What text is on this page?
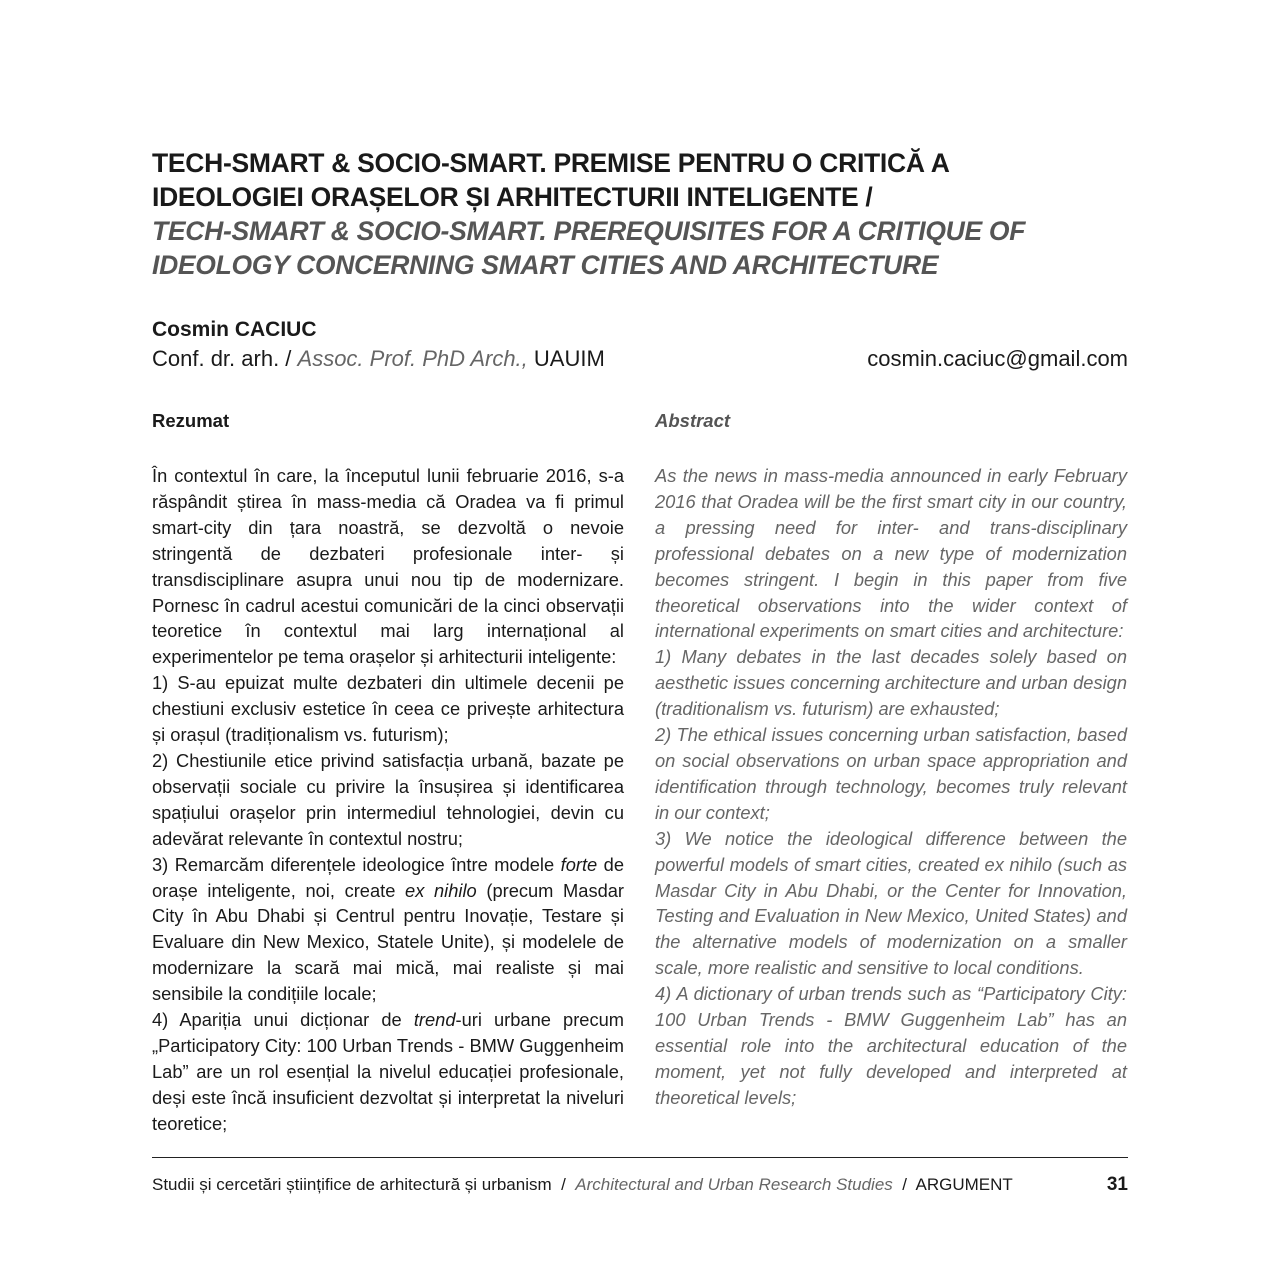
TECH-SMART & SOCIO-SMART. PREMISE PENTRU O CRITICĂ A

IDEOLOGIEI ORAȘELOR ȘI ARHITECTURII INTELIGENTE /

TECH-SMART & SOCIO-SMART. PREREQUISITES FOR A CRITIQUE OF

IDEOLOGY CONCERNING SMART CITIES AND ARCHITECTURE

Cosmin CACIUC

Conf. dr. arh. / Assoc. Prof. PhD Arch., UAUIM	cosmin.caciuc@gmail.com
Rezumat

În contextul în care, la începutul lunii februarie 2016, s-a răspândit știrea în mass-media că Oradea va fi primul smart-city din țara noastră, se dezvoltă o nevoie stringentă de dezbateri profesionale inter- și transdisciplinare asupra unui nou tip de modernizare. Pornesc în cadrul acestui comunicări de la cinci observații teoretice în contextul mai larg internațional al experimentelor pe tema orașelor și arhitecturii inteligente:

1) S-au epuizat multe dezbateri din ultimele decenii pe chestiuni exclusiv estetice în ceea ce privește arhitectura și orașul (tradiționalism vs. futurism);

2) Chestiunile etice privind satisfacția urbană, bazate pe observații sociale cu privire la însușirea și identificarea spațiului orașelor prin intermediul tehnologiei, devin cu adevărat relevante în contextul nostru;

3) Remarcăm diferențele ideologice între modele forte de orașe inteligente, noi, create ex nihilo (precum Masdar City în Abu Dhabi și Centrul pentru Inovație, Testare și Evaluare din New Mexico, Statele Unite), și modelele de modernizare la scară mai mică, mai realiste și mai sensibile la condițiile locale;

4) Apariția unui dicționar de trend-uri urbane precum „Participatory City: 100 Urban Trends - BMW Guggenheim Lab” are un rol esențial la nivelul educației profesionale, deși este încă insuficient dezvoltat și interpretat la niveluri teoretice;

Abstract

As the news in mass-media announced in early February 2016 that Oradea will be the first smart city in our country, a pressing need for inter- and trans-disciplinary professional debates on a new type of modernization becomes stringent. I begin in this paper from five theoretical observations into the wider context of international experiments on smart cities and architecture:

1) Many debates in the last decades solely based on aesthetic issues concerning architecture and urban design (traditionalism vs. futurism) are exhausted;

2) The ethical issues concerning urban satisfaction, based on social observations on urban space appropriation and identification through technology, becomes truly relevant in our context;

3) We notice the ideological difference between the powerful models of smart cities, created ex nihilo (such as Masdar City in Abu Dhabi, or the Center for Innovation, Testing and Evaluation in New Mexico, United States) and the alternative models of modernization on a smaller scale, more realistic and sensitive to local conditions.

4) A dictionary of urban trends such as “Participatory City: 100 Urban Trends - BMW Guggenheim Lab” has an essential role into the architectural education of the moment, yet not fully developed and interpreted at theoretical levels;

Studii și cercetări științifice de arhitectură și urbanism  /  Architectural and Urban Research Studies  /  ARGUMENT	31
